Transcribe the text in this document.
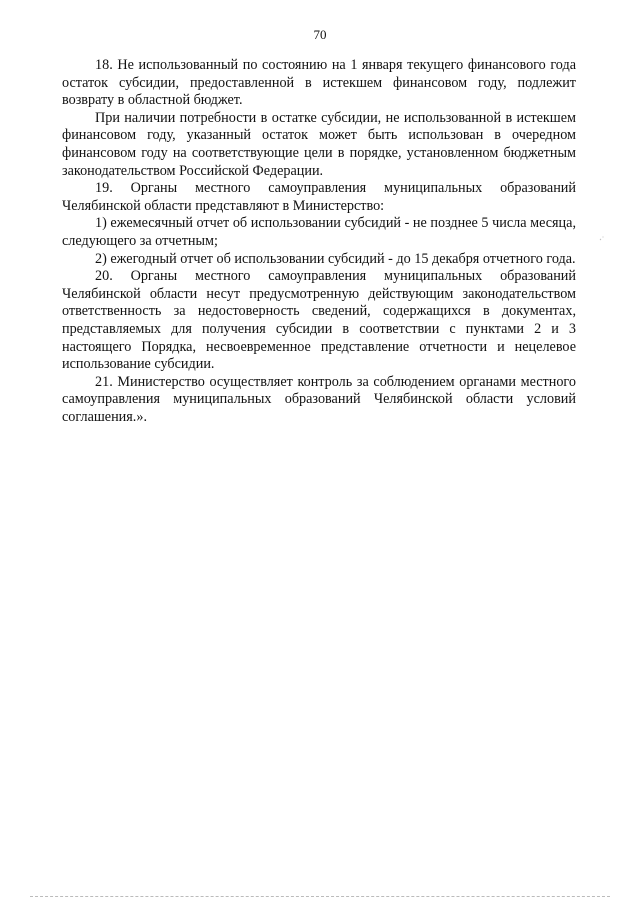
70

18. Не использованный по состоянию на 1 января текущего финансового года остаток субсидии, предоставленной в истекшем финансовом году, подлежит возврату в областной бюджет.

При наличии потребности в остатке субсидии, не использованной в истекшем финансовом году, указанный остаток может быть использован в очередном финансовом году на соответствующие цели в порядке, установленном бюджетным законодательством Российской Федерации.

19. Органы местного самоуправления муниципальных образований Челябинской области представляют в Министерство:

1) ежемесячный отчет об использовании субсидий - не позднее 5 числа месяца, следующего за отчетным;

2) ежегодный отчет об использовании субсидий - до 15 декабря отчетного года.

20. Органы местного самоуправления муниципальных образований Челябинской области несут предусмотренную действующим законодательством ответственность за недостоверность сведений, содержащихся в документах, представляемых для получения субсидии в соответствии с пунктами 2 и 3 настоящего Порядка, несвоевременное представление отчетности и нецелевое использование субсидии.

21. Министерство осуществляет контроль за соблюдением органами местного самоуправления муниципальных образований Челябинской области условий соглашения.».
